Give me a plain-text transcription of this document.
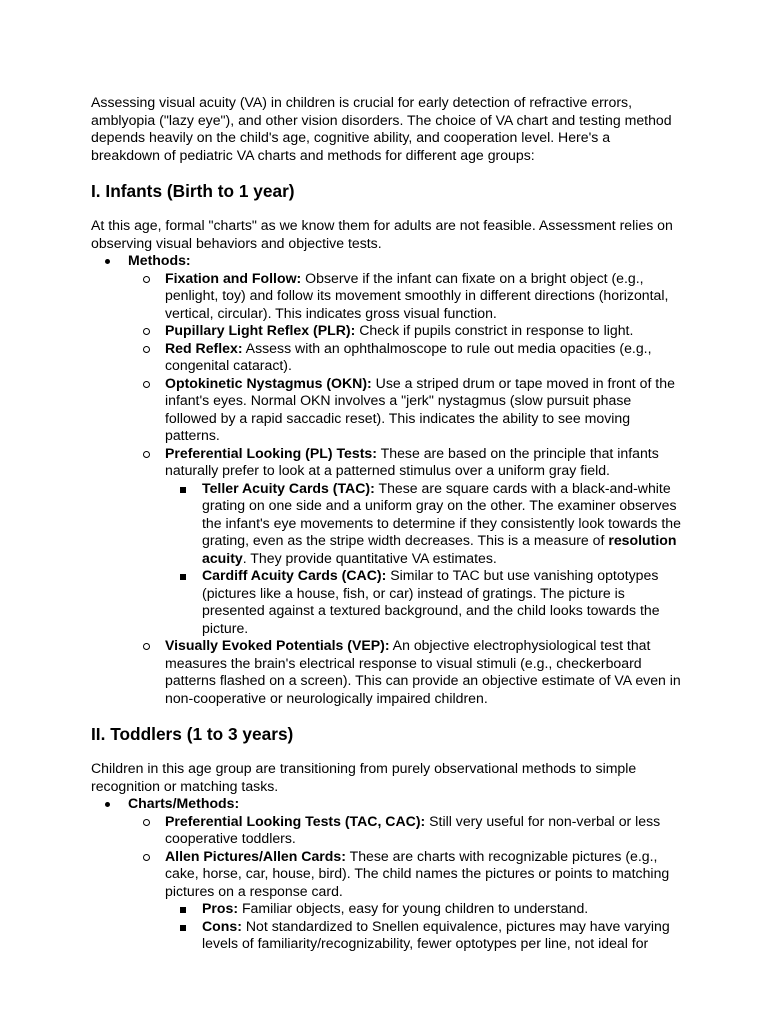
Assessing visual acuity (VA) in children is crucial for early detection of refractive errors, amblyopia ("lazy eye"), and other vision disorders. The choice of VA chart and testing method depends heavily on the child's age, cognitive ability, and cooperation level. Here's a breakdown of pediatric VA charts and methods for different age groups:

I. Infants (Birth to 1 year)

At this age, formal "charts" as we know them for adults are not feasible. Assessment relies on observing visual behaviors and objective tests.

Methods:
Fixation and Follow: Observe if the infant can fixate on a bright object (e.g., penlight, toy) and follow its movement smoothly in different directions (horizontal, vertical, circular). This indicates gross visual function.
Pupillary Light Reflex (PLR): Check if pupils constrict in response to light.
Red Reflex: Assess with an ophthalmoscope to rule out media opacities (e.g., congenital cataract).
Optokinetic Nystagmus (OKN): Use a striped drum or tape moved in front of the infant's eyes. Normal OKN involves a "jerk" nystagmus (slow pursuit phase followed by a rapid saccadic reset). This indicates the ability to see moving patterns.
Preferential Looking (PL) Tests: These are based on the principle that infants naturally prefer to look at a patterned stimulus over a uniform gray field.
Teller Acuity Cards (TAC): These are square cards with a black-and-white grating on one side and a uniform gray on the other. The examiner observes the infant's eye movements to determine if they consistently look towards the grating, even as the stripe width decreases. This is a measure of resolution acuity. They provide quantitative VA estimates.
Cardiff Acuity Cards (CAC): Similar to TAC but use vanishing optotypes (pictures like a house, fish, or car) instead of gratings. The picture is presented against a textured background, and the child looks towards the picture.
Visually Evoked Potentials (VEP): An objective electrophysiological test that measures the brain's electrical response to visual stimuli (e.g., checkerboard patterns flashed on a screen). This can provide an objective estimate of VA even in non-cooperative or neurologically impaired children.
II. Toddlers (1 to 3 years)

Children in this age group are transitioning from purely observational methods to simple recognition or matching tasks.

Charts/Methods:
Preferential Looking Tests (TAC, CAC): Still very useful for non-verbal or less cooperative toddlers.
Allen Pictures/Allen Cards: These are charts with recognizable pictures (e.g., cake, horse, car, house, bird). The child names the pictures or points to matching pictures on a response card.
Pros: Familiar objects, easy for young children to understand.
Cons: Not standardized to Snellen equivalence, pictures may have varying levels of familiarity/recognizability, fewer optotypes per line, not ideal for
